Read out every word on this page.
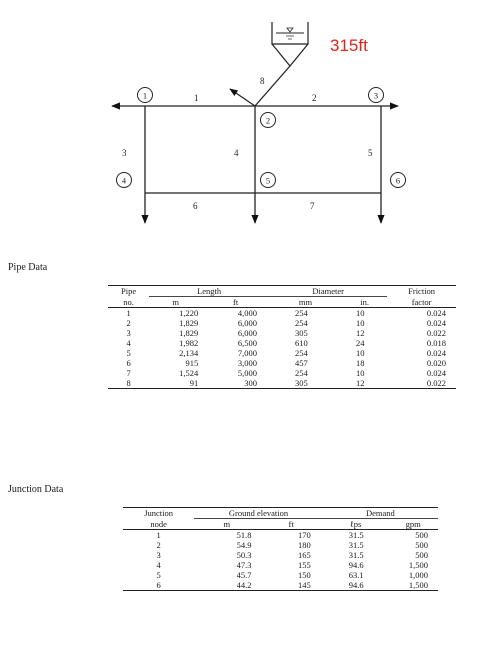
315ft
1	2
3	4	5
6	7
8
1
2
3
4	5	6
Pipe Data
Pipe	Length		Diameter		Friction
no.	m	ft	mm	in.	factor
1	1,220	4,000	254	10	0.024
2	1,829	6,000	254	10	0.024
3	1,829	6,000	305	12	0.022
4	1,982	6,500	610	24	0.018
5	2,134	7,000	254	10	0.024
6	915	3,000	457	18	0.020
7	1,524	5,000	254	10	0.024
8	91	300	305	12	0.022
Junction Data
Junction	Ground elevation		Demand	
node	m	ft	ℓps	gpm
1	51.8	170	31.5	500
2	54.9	180	31.5	500
3	50.3	165	31.5	500
4	47.3	155	94.6	1,500
5	45.7	150	63.1	1,000
6	44.2	145	94.6	1,500
